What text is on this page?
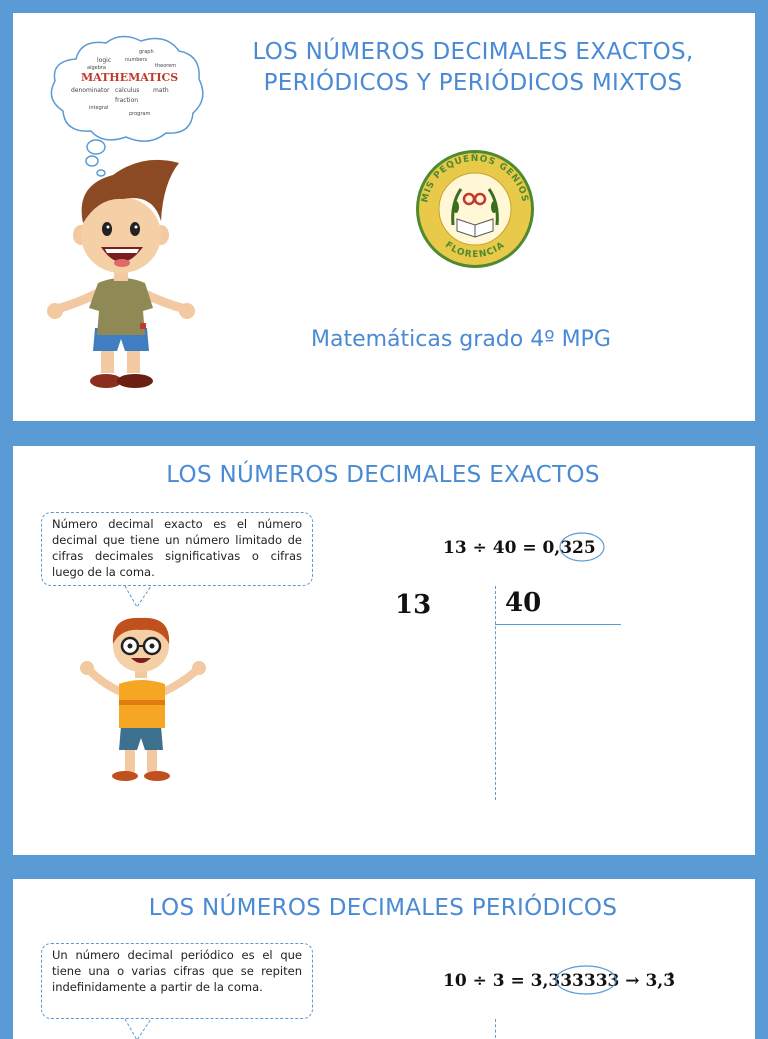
MATHEMATICS
logic
denominator calculus math
fraction
algebra
numbers
integral
theorem
program
graph	LOS NÚMEROS DECIMALES EXACTOS,
PERIÓDICOS Y PERIÓDICOS MIXTOS
MIS PEQUEÑOS GENIOS
FLORENCIA
Matemáticas grado 4º MPG
LOS NÚMEROS DECIMALES EXACTOS
Número decimal exacto es el número decimal que tiene un número limitado de cifras decimales significativas o cifras luego de la coma.
13 ÷ 40 = 0,325
13	40
LOS NÚMEROS DECIMALES PERIÓDICOS
Un número decimal periódico es el que tiene una o varias cifras que se repiten indefinidamente a partir de la coma.	10 ÷ 3 = 3,333333 → 3,3̂
